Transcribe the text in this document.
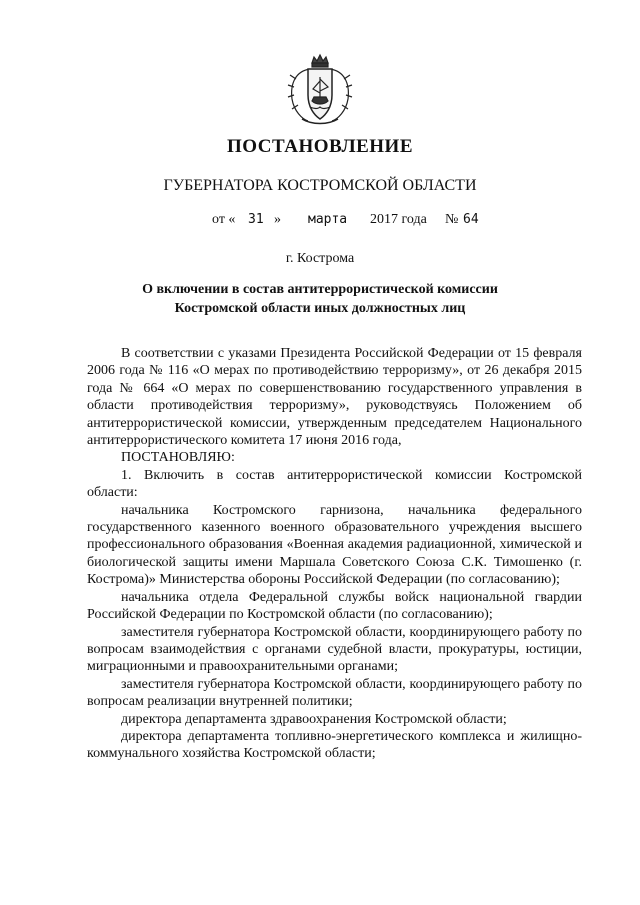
ПОСТАНОВЛЕНИЕ
ГУБЕРНАТОРА КОСТРОМСКОЙ ОБЛАСТИ
от « 31 » марта 2017 года № 64
г. Кострома
О включении в состав антитеррористической комиссии
Костромской области иных должностных лиц

В соответствии с указами Президента Российской Федерации от 15 февраля 2006 года № 116 «О мерах по противодействию терроризму», от 26 декабря 2015 года № 664 «О мерах по совершенствованию государственного управления в области противодействия терроризму», руководствуясь Положением об антитеррористической комиссии, утвержденным председателем Национального антитеррористического комитета 17 июня 2016 года,

ПОСТАНОВЛЯЮ:

1. Включить в состав антитеррористической комиссии Костромской области:

начальника Костромского гарнизона, начальника федерального государственного казенного военного образовательного учреждения высшего профессионального образования «Военная академия радиационной, химической и биологической защиты имени Маршала Советского Союза С.К. Тимошенко (г. Кострома)» Министерства обороны Российской Федерации (по согласованию);

начальника отдела Федеральной службы войск национальной гвардии Российской Федерации по Костромской области (по согласованию);

заместителя губернатора Костромской области, координирующего работу по вопросам взаимодействия с органами судебной власти, прокуратуры, юстиции, миграционными и правоохранительными органами;

заместителя губернатора Костромской области, координирующего работу по вопросам реализации внутренней политики;

директора департамента здравоохранения Костромской области;

директора департамента топливно-энергетического комплекса и жилищно-коммунального хозяйства Костромской области;
